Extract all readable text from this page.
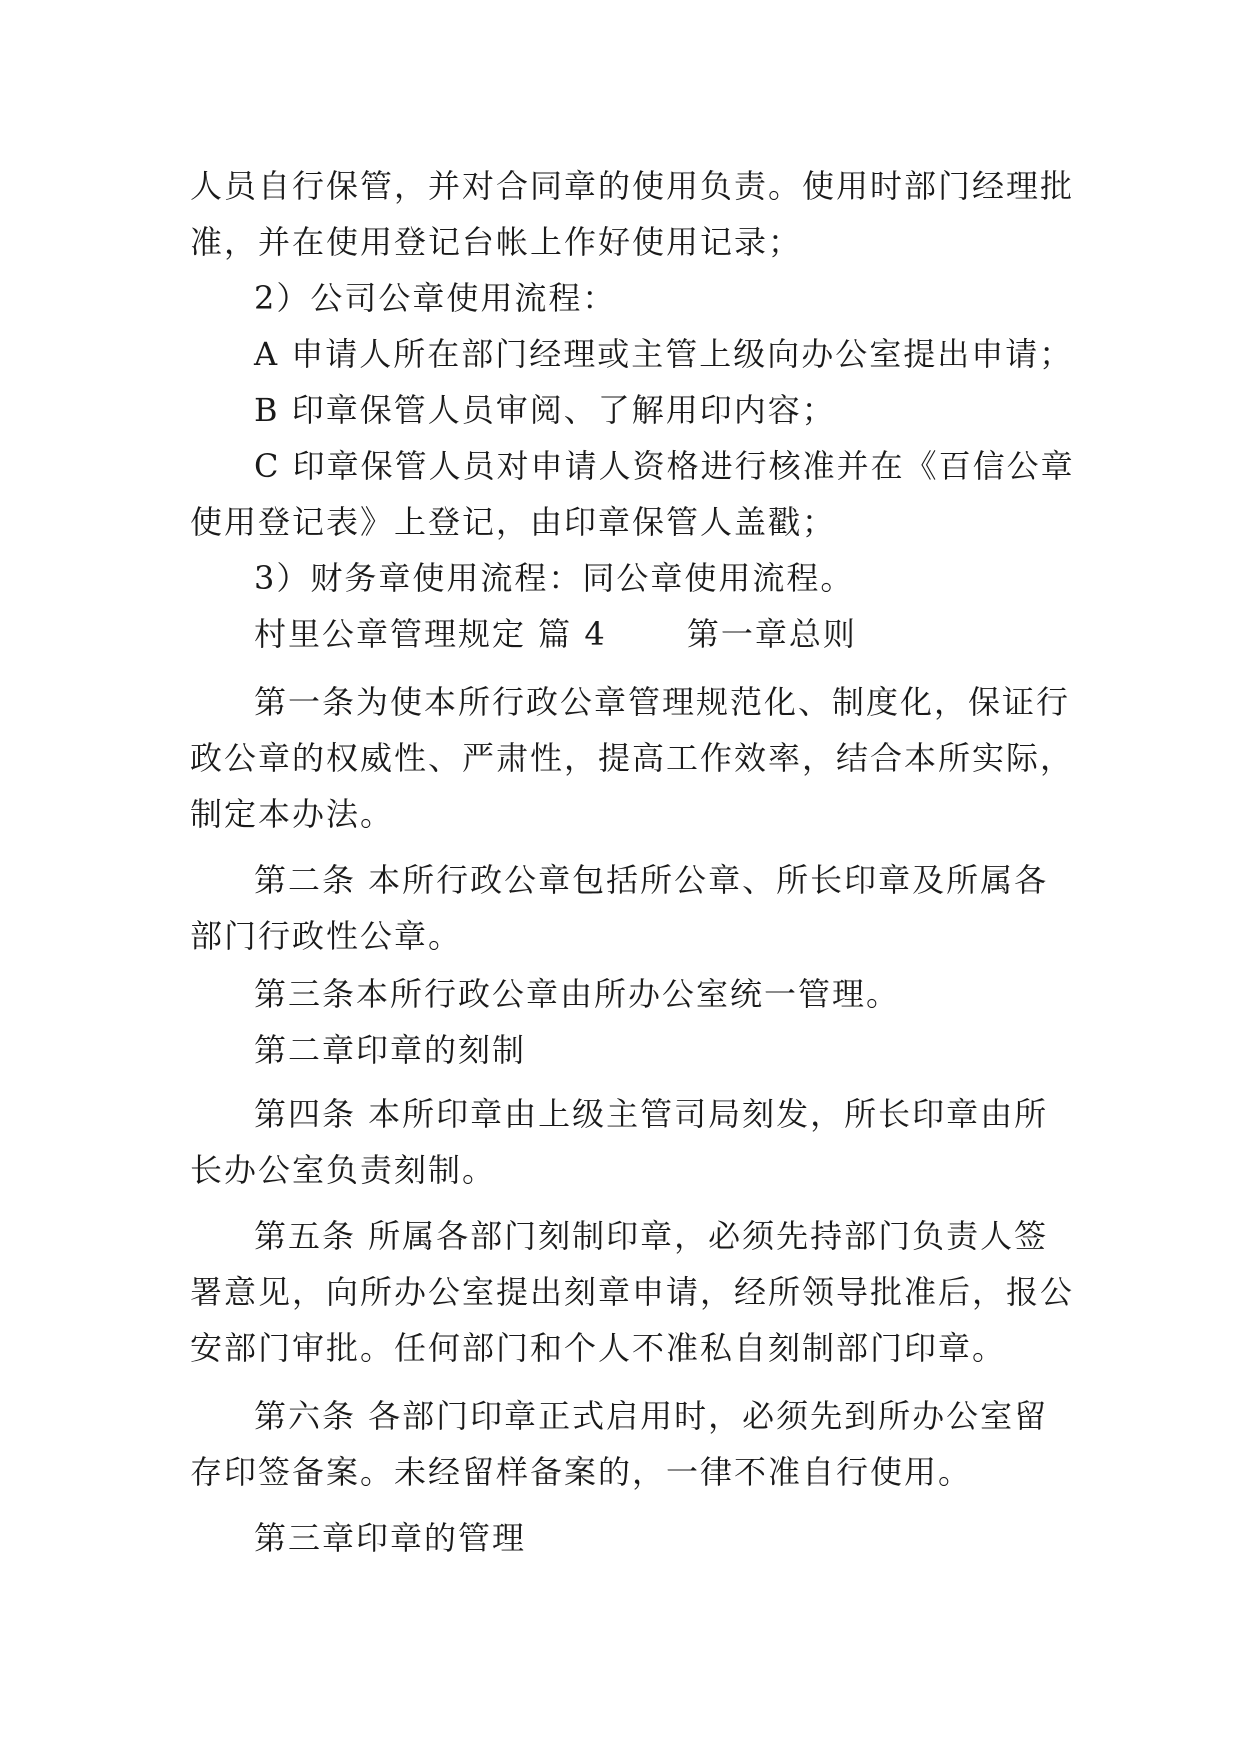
人员自行保管，并对合同章的使用负责。使用时部门经理批
准，并在使用登记台帐上作好使用记录；
2）公司公章使用流程：
A 申请人所在部门经理或主管上级向办公室提出申请；
B 印章保管人员审阅、了解用印内容；
C 印章保管人员对申请人资格进行核准并在《百信公章
使用登记表》上登记，由印章保管人盖戳；
3）财务章使用流程：同公章使用流程。
村里公章管理规定 篇 4 　　第一章总则
第一条为使本所行政公章管理规范化、制度化，保证行
政公章的权威性、严肃性，提高工作效率，结合本所实际，
制定本办法。
第二条 本所行政公章包括所公章、所长印章及所属各
部门行政性公章。
第三条本所行政公章由所办公室统一管理。
第二章印章的刻制
第四条 本所印章由上级主管司局刻发，所长印章由所
长办公室负责刻制。
第五条 所属各部门刻制印章，必须先持部门负责人签
署意见，向所办公室提出刻章申请，经所领导批准后，报公
安部门审批。任何部门和个人不准私自刻制部门印章。
第六条 各部门印章正式启用时，必须先到所办公室留
存印签备案。未经留样备案的，一律不准自行使用。
第三章印章的管理
